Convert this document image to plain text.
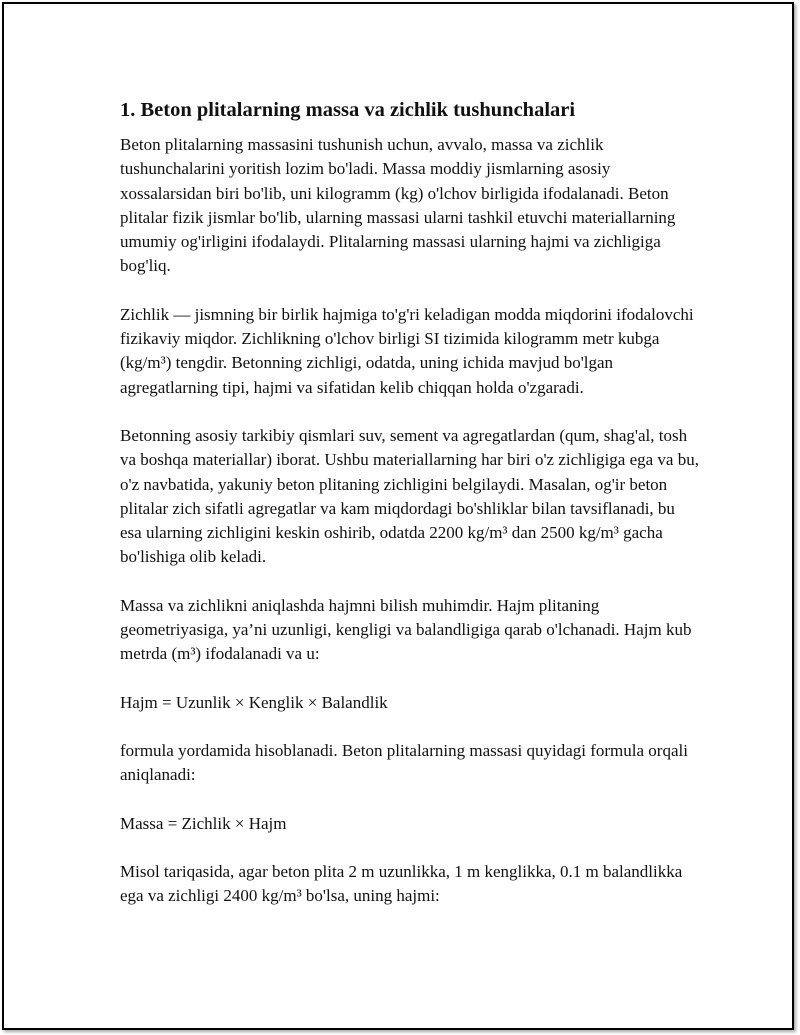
1. Beton plitalarning massa va zichlik tushunchalari

Beton plitalarning massasini tushunish uchun, avvalo, massa va zichlik tushunchalarini yoritish lozim bo'ladi. Massa moddiy jismlarning asosiy xossalarsidan biri bo'lib, uni kilogramm (kg) o'lchov birligida ifodalanadi. Beton plitalar fizik jismlar bo'lib, ularning massasi ularni tashkil etuvchi materiallarning umumiy og'irligini ifodalaydi. Plitalarning massasi ularning hajmi va zichligiga bog'liq.

Zichlik — jismning bir birlik hajmiga to'g'ri keladigan modda miqdorini ifodalovchi fizikaviy miqdor. Zichlikning o'lchov birligi SI tizimida kilogramm metr kubga (kg/m³) tengdir. Betonning zichligi, odatda, uning ichida mavjud bo'lgan agregatlarning tipi, hajmi va sifatidan kelib chiqqan holda o'zgaradi.

Betonning asosiy tarkibiy qismlari suv, sement va agregatlardan (qum, shag'al, tosh va boshqa materiallar) iborat. Ushbu materiallarning har biri o'z zichligiga ega va bu, o'z navbatida, yakuniy beton plitaning zichligini belgilaydi. Masalan, og'ir beton plitalar zich sifatli agregatlar va kam miqdordagi bo'shliklar bilan tavsiflanadi, bu esa ularning zichligini keskin oshirib, odatda 2200 kg/m³ dan 2500 kg/m³ gacha bo'lishiga olib keladi.

Massa va zichlikni aniqlashda hajmni bilish muhimdir. Hajm plitaning geometriyasiga, ya’ni uzunligi, kengligi va balandligiga qarab o'lchanadi. Hajm kub metrda (m³) ifodalanadi va u:

Hajm = Uzunlik × Kenglik × Balandlik

formula yordamida hisoblanadi. Beton plitalarning massasi quyidagi formula orqali aniqlanadi:

Massa = Zichlik × Hajm

Misol tariqasida, agar beton plita 2 m uzunlikka, 1 m kenglikka, 0.1 m balandlikka ega va zichligi 2400 kg/m³ bo'lsa, uning hajmi:
